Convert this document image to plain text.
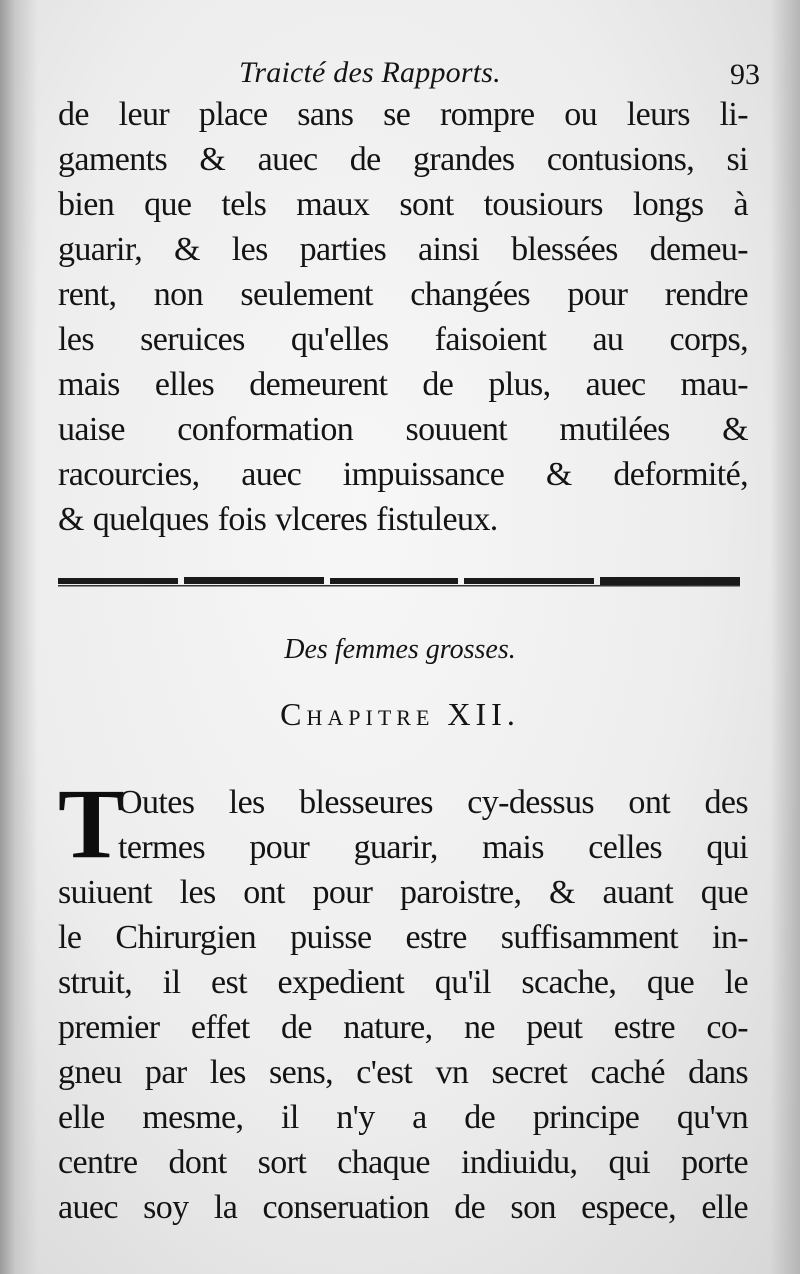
Traicté des Rapports.	93
de leur place sans se rompre ou leurs li-
gaments & auec de grandes contusions, si
bien que tels maux sont tousiours longs à
guarir, & les parties ainsi blessées demeu-
rent, non seulement changées pour rendre
les seruices qu'elles faisoient au corps,
mais elles demeurent de plus, auec mau-
uaise conformation souuent mutilées &
racourcies, auec impuissance & deformité,
& quelques fois vlceres fistuleux.
Des femmes grosses.
Chapitre XII.
T
Outes les blesseures cy-dessus ont des
termes pour guarir, mais celles qui
suiuent les ont pour paroistre, & auant que
le Chirurgien puisse estre suffisamment in-
struit, il est expedient qu'il scache, que le
premier effet de nature, ne peut estre co-
gneu par les sens, c'est vn secret caché dans
elle mesme, il n'y a de principe qu'vn
centre dont sort chaque indiuidu, qui porte
auec soy la conseruation de son espece, elle
